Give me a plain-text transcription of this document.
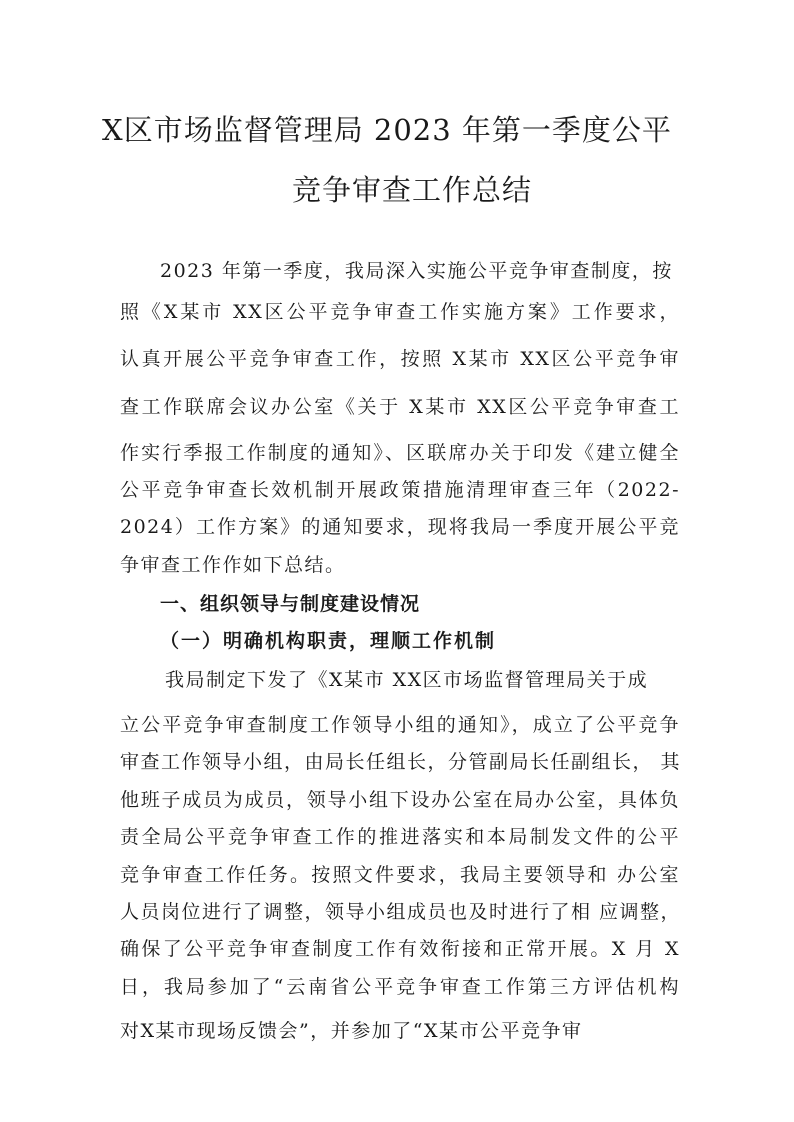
X区市场监督管理局 2023 年第一季度公平
竞争审查工作总结
2023 年第一季度，我局深入实施公平竞争审查制度，按
照《X某市 XX区公平竞争审查工作实施方案》工作要求，
认真开展公平竞争审查工作，按照 X某市 XX区公平竞争审
查工作联席会议办公室《关于 X某市 XX区公平竞争审查工
作实行季报工作制度的通知》、区联席办关于印发《建立健全
公平竞争审查长效机制开展政策措施清理审查三年（2022-
2024）工作方案》的通知要求，现将我局一季度开展公平竞
争审查工作作如下总结。
一、组织领导与制度建设情况
（一）明确机构职责，理顺工作机制
我局制定下发了《X某市 XX区市场监督管理局关于成
立公平竞争审查制度工作领导小组的通知》，成立了公平竞争
审查工作领导小组，由局长任组长，分管副局长任副组长， 其
他班子成员为成员，领导小组下设办公室在局办公室，具体负
责全局公平竞争审查工作的推进落实和本局制发文件的公平
竞争审查工作任务。按照文件要求，我局主要领导和 办公室
人员岗位进行了调整，领导小组成员也及时进行了相 应调整，
确保了公平竞争审查制度工作有效衔接和正常开展。X 月 X
日，我局参加了“云南省公平竞争审查工作第三方评估机构
对X某市现场反馈会”，并参加了“X某市公平竞争审
